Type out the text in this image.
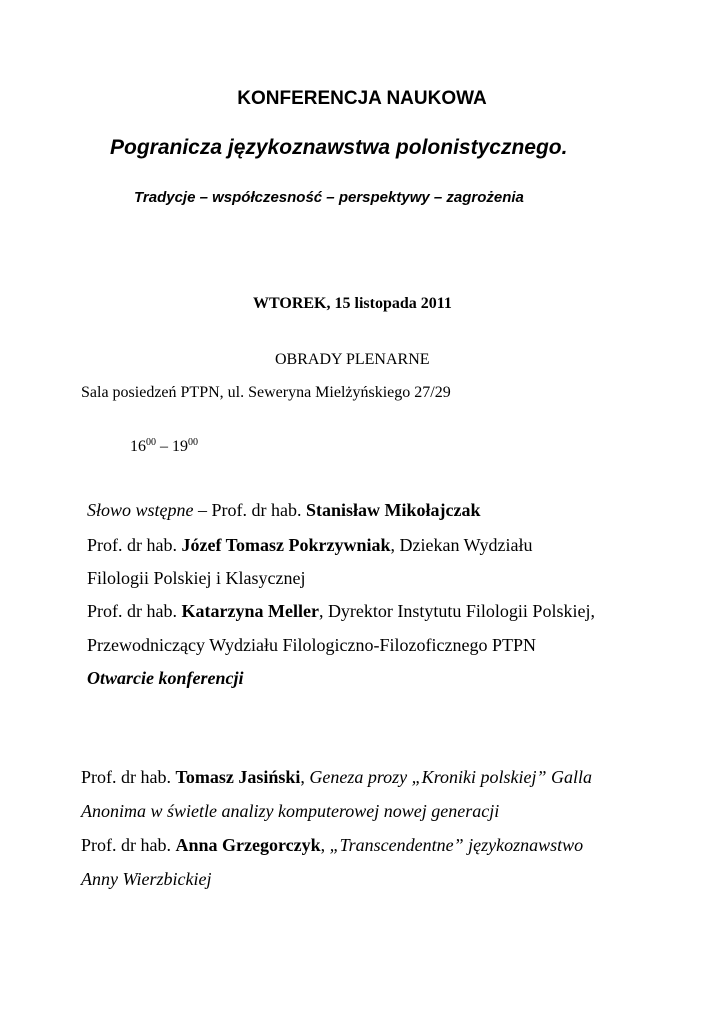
KONFERENCJA NAUKOWA
Pogranicza językoznawstwa polonistycznego.
Tradycje – współczesność – perspektywy – zagrożenia
WTOREK, 15 listopada 2011
OBRADY PLENARNE
Sala posiedzeń PTPN, ul. Seweryna Mielżyńskiego 27/29
$16^{00} - 19^{00}$
Słowo wstępne – Prof. dr hab. Stanisław Mikołajczak
Prof. dr hab. Józef Tomasz Pokrzywniak, Dziekan Wydziału
Filologii Polskiej i Klasycznej
Prof. dr hab. Katarzyna Meller, Dyrektor Instytutu Filologii Polskiej,
Przewodniczący Wydziału Filologiczno-Filozoficznego PTPN
Otwarcie konferencji
Prof. dr hab. Tomasz Jasiński, Geneza prozy „Kroniki polskiej” Galla
Anonima w świetle analizy komputerowej nowej generacji
Prof. dr hab. Anna Grzegorczyk, „Transcendentne” językoznawstwo
Anny Wierzbickiej
